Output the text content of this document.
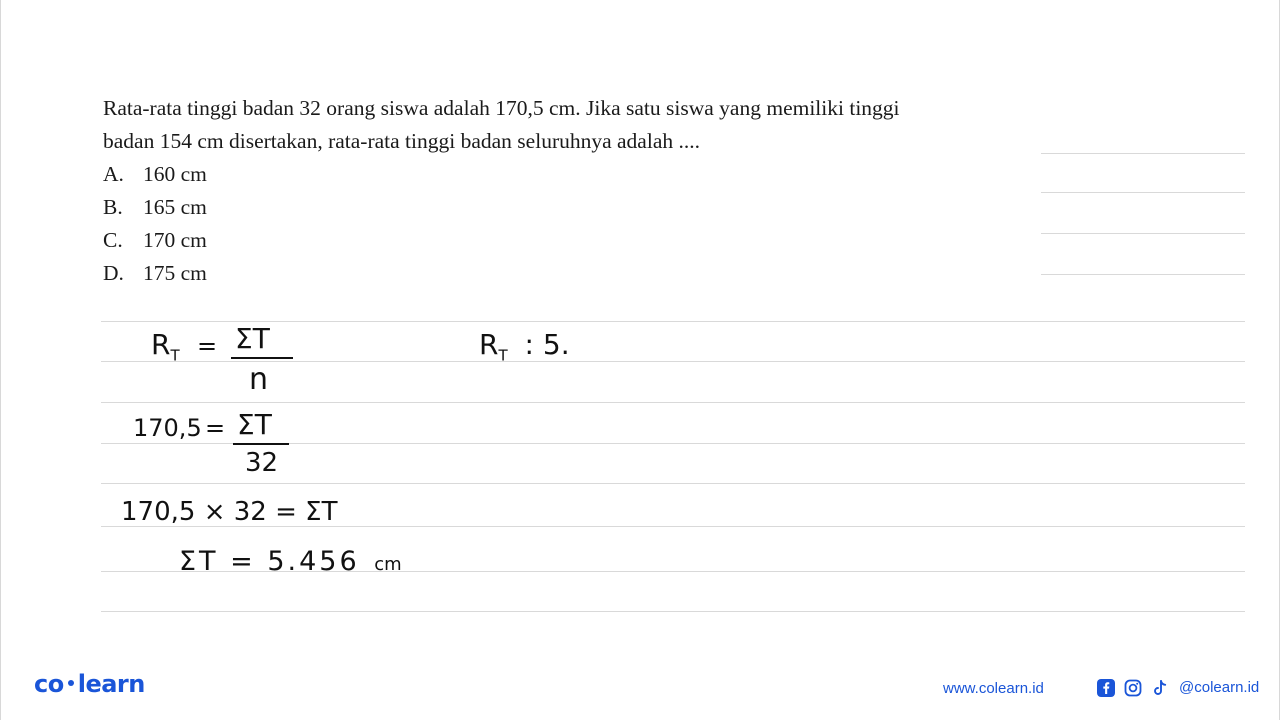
Rata-rata tinggi badan 32 orang siswa adalah 170,5 cm. Jika satu siswa yang memiliki tinggi

badan 154 cm disertakan, rata-rata tinggi badan seluruhnya adalah ....

A. 160 cm
B. 165 cm
C. 170 cm
D. 175 cm
$R_T = \Sigma T$
n
$R_T$ : 5.
170,5 = ΣT
32
170,5 × 32 = ΣT
ΣT = 5.456 cm
co learn	www.colearn.id	@colearn.id
